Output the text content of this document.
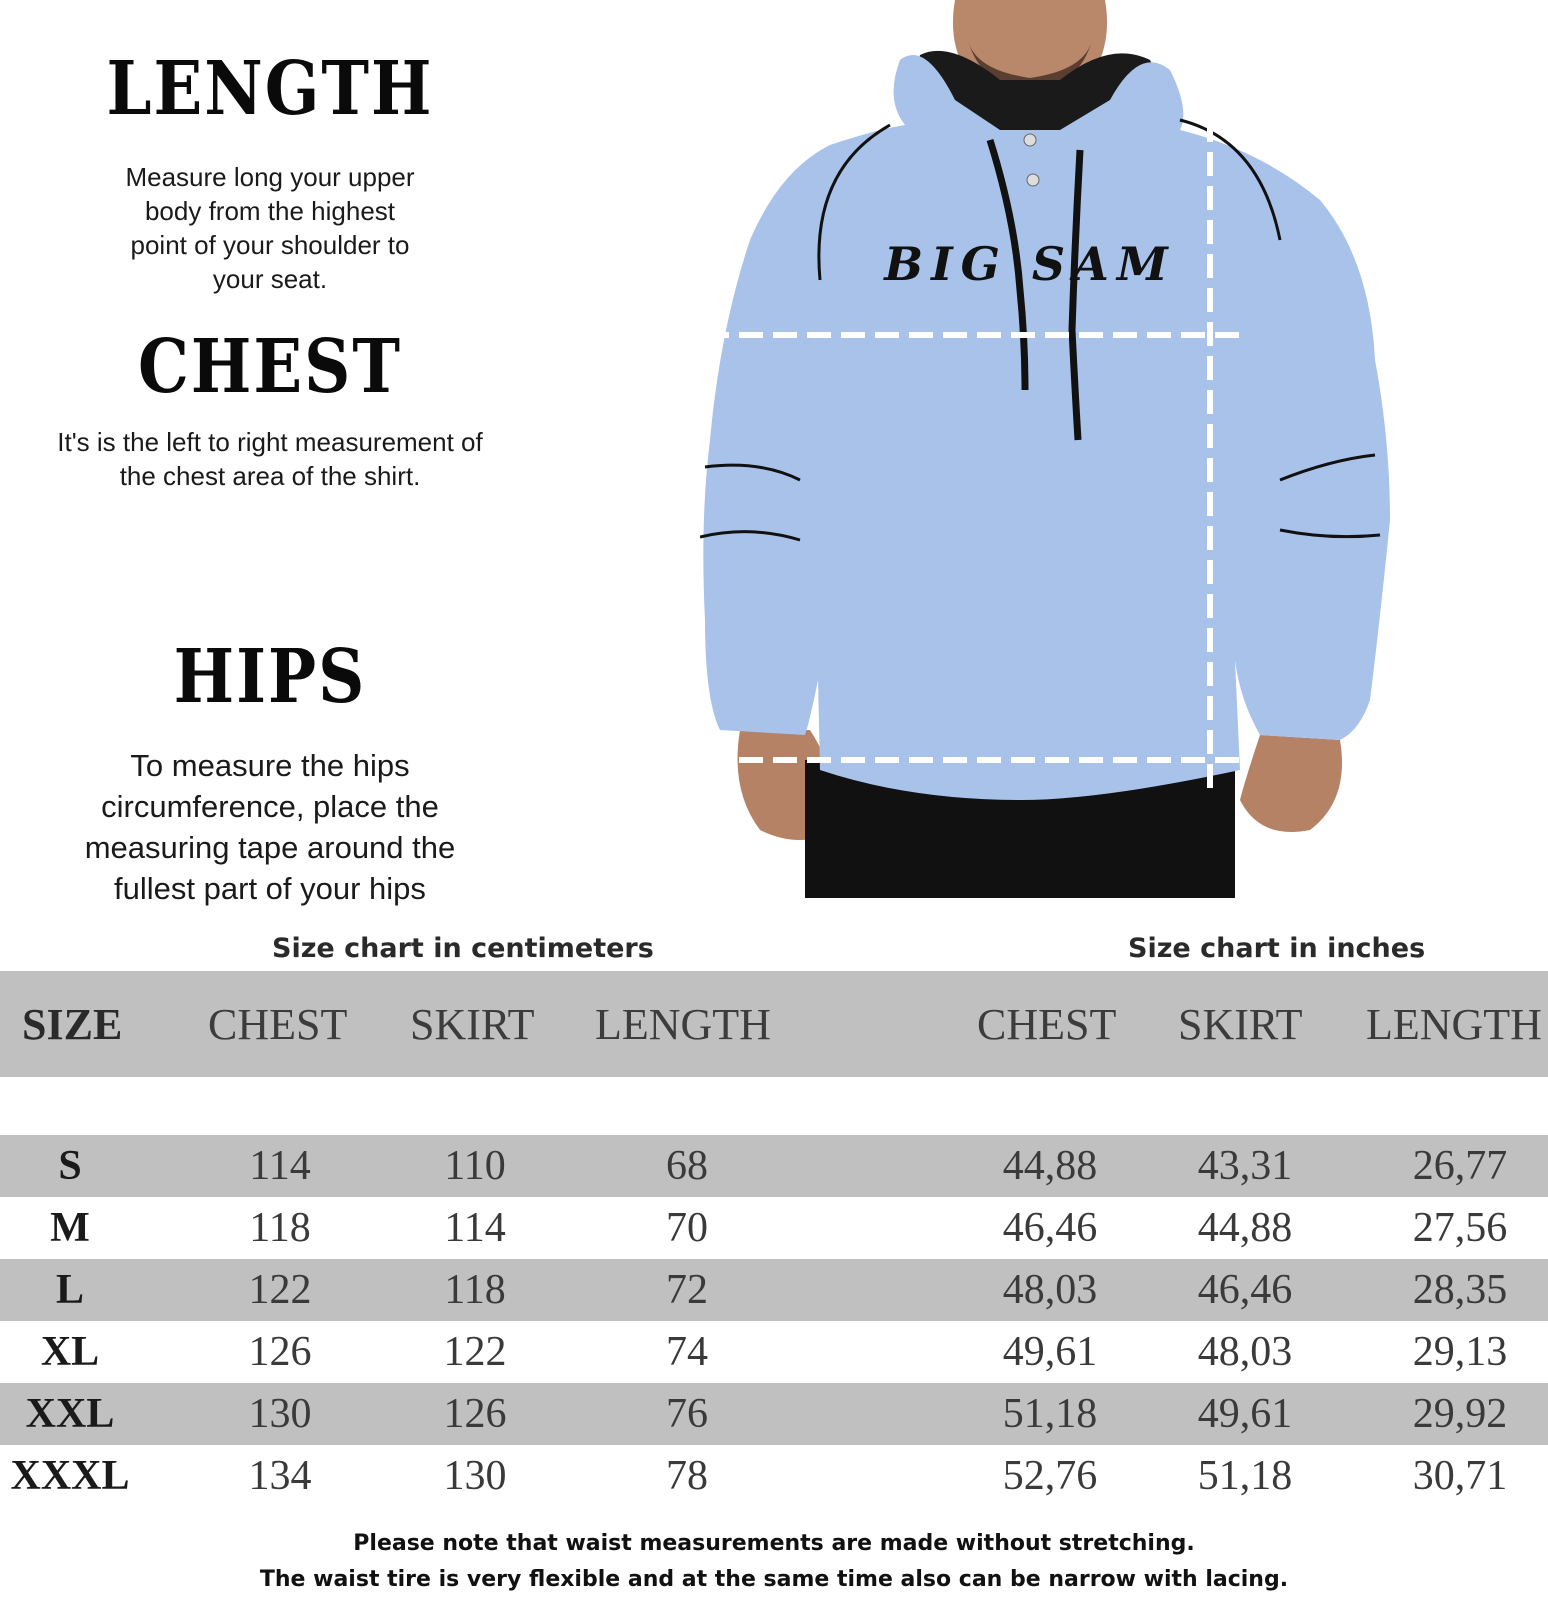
LENGTH
Measure long your upper body from the highest point of your shoulder to your seat.
CHEST
It's is the left to right measurement of the chest area of the shirt.
HIPS
To measure the hips circumference, place the measuring tape around the fullest part of your hips
BIG SAM
Size chart in centimeters	Size chart in inches
SIZE CHEST SKIRT LENGTH	CHEST SKIRT LENGTH
S	114	110	68	44,88	43,31	26,77
M	118	114	70	46,46	44,88	27,56
L	122	118	72	48,03	46,46	28,35
XL	126	122	74	49,61	48,03	29,13
XXL	130	126	76	51,18	49,61	29,92
XXXL	134	130	78	52,76	51,18	30,71
Please note that waist measurements are made without stretching.
The waist tire is very flexible and at the same time also can be narrow with lacing.
